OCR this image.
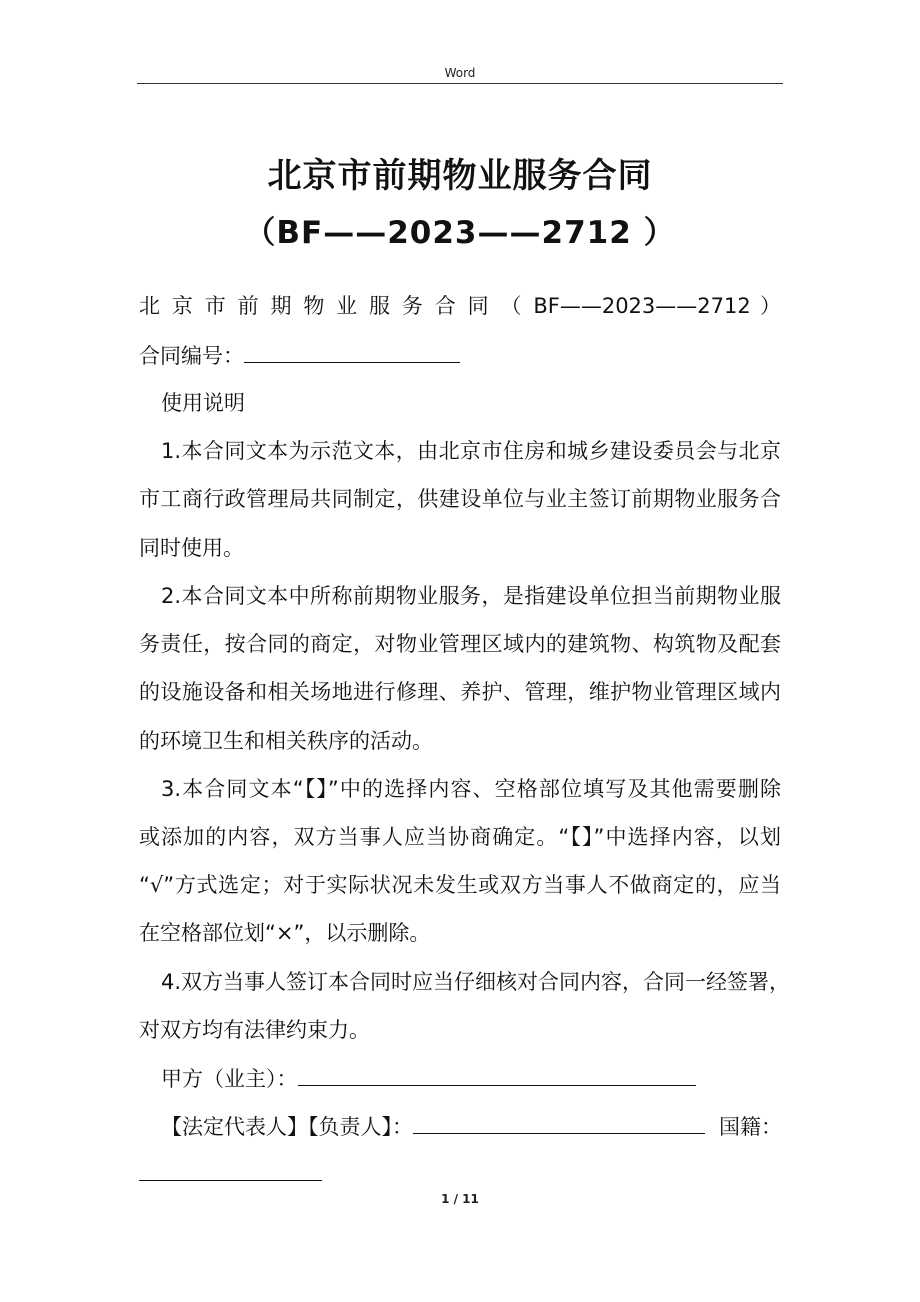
Word
北京市前期物业服务合同
（BF——2023——2712 ）
北 京 市 前 期 物 业 服 务 合 同 （ BF——2023——2712 ）
合同编号：
使用说明
1.本合同文本为示范文本，由北京市住房和城乡建设委员会与北京
市工商行政管理局共同制定，供建设单位与业主签订前期物业服务合
同时使用。
2.本合同文本中所称前期物业服务，是指建设单位担当前期物业服
务责任，按合同的商定，对物业管理区域内的建筑物、构筑物及配套
的设施设备和相关场地进行修理、养护、管理，维护物业管理区域内
的环境卫生和相关秩序的活动。
3.本合同文本“【】”中的选择内容、空格部位填写及其他需要删除
或添加的内容，双方当事人应当协商确定。“【】”中选择内容，以划
“√”方式选定；对于实际状况未发生或双方当事人不做商定的，应当
在空格部位划“×”，以示删除。
4.双方当事人签订本合同时应当仔细核对合同内容，合同一经签署，
对双方均有法律约束力。
甲方（业主）：
【法定代表人】【负责人】：	国籍：
1 / 11
